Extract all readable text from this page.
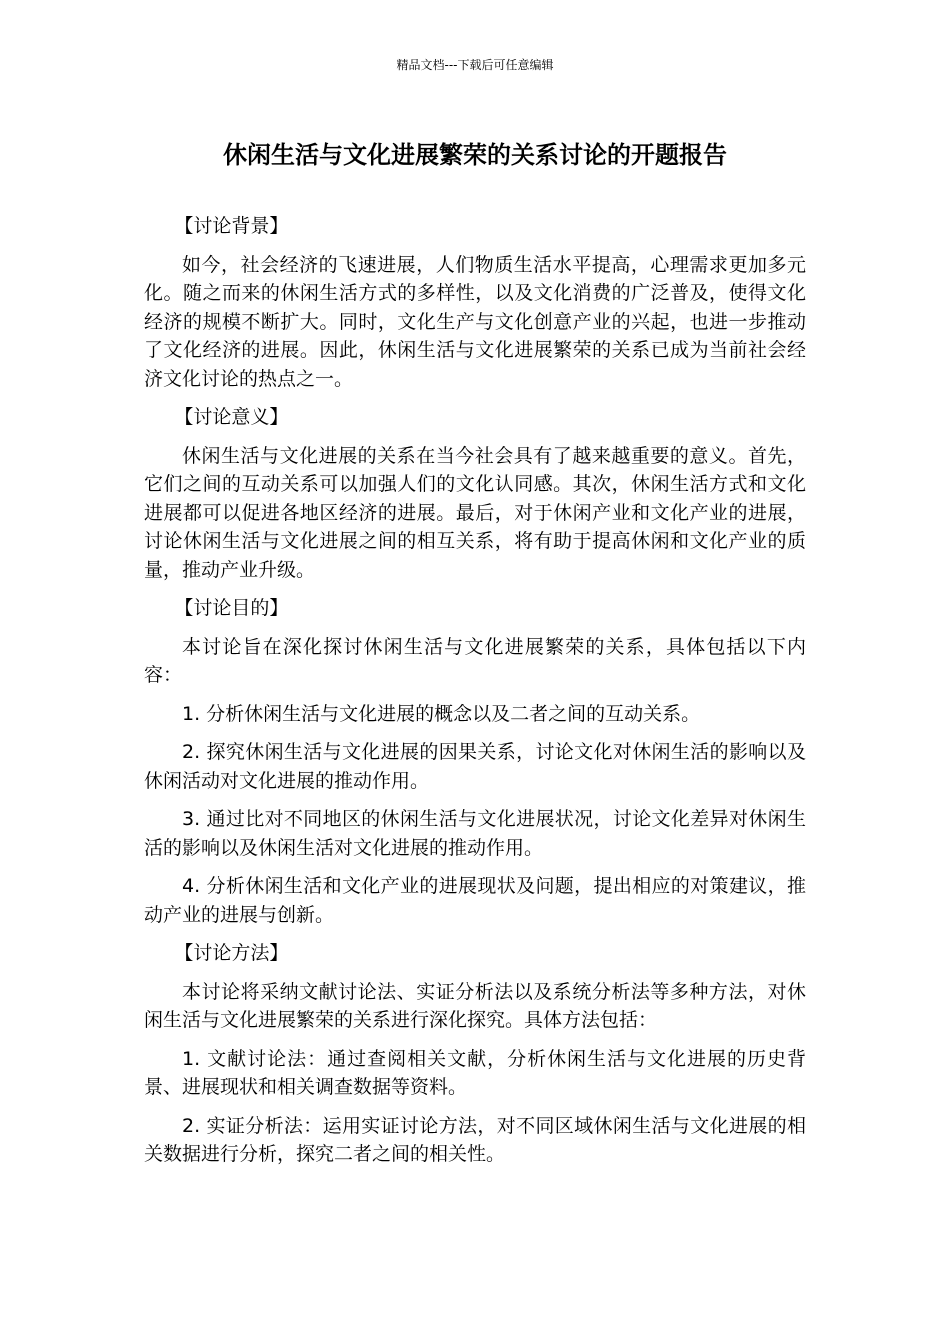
精品文档---下载后可任意编辑
休闲生活与文化进展繁荣的关系讨论的开题报告

【讨论背景】

如今，社会经济的飞速进展，人们物质生活水平提高，心理需求更加多元化。随之而来的休闲生活方式的多样性，以及文化消费的广泛普及，使得文化经济的规模不断扩大。同时，文化生产与文化创意产业的兴起，也进一步推动了文化经济的进展。因此，休闲生活与文化进展繁荣的关系已成为当前社会经济文化讨论的热点之一。

【讨论意义】

休闲生活与文化进展的关系在当今社会具有了越来越重要的意义。首先，它们之间的互动关系可以加强人们的文化认同感。其次，休闲生活方式和文化进展都可以促进各地区经济的进展。最后，对于休闲产业和文化产业的进展，讨论休闲生活与文化进展之间的相互关系，将有助于提高休闲和文化产业的质量，推动产业升级。

【讨论目的】

本讨论旨在深化探讨休闲生活与文化进展繁荣的关系，具体包括以下内容：

1. 分析休闲生活与文化进展的概念以及二者之间的互动关系。

2. 探究休闲生活与文化进展的因果关系，讨论文化对休闲生活的影响以及休闲活动对文化进展的推动作用。

3. 通过比对不同地区的休闲生活与文化进展状况，讨论文化差异对休闲生活的影响以及休闲生活对文化进展的推动作用。

4. 分析休闲生活和文化产业的进展现状及问题，提出相应的对策建议，推动产业的进展与创新。

【讨论方法】

本讨论将采纳文献讨论法、实证分析法以及系统分析法等多种方法，对休闲生活与文化进展繁荣的关系进行深化探究。具体方法包括：

1. 文献讨论法：通过查阅相关文献，分析休闲生活与文化进展的历史背景、进展现状和相关调查数据等资料。

2. 实证分析法：运用实证讨论方法，对不同区域休闲生活与文化进展的相关数据进行分析，探究二者之间的相关性。
